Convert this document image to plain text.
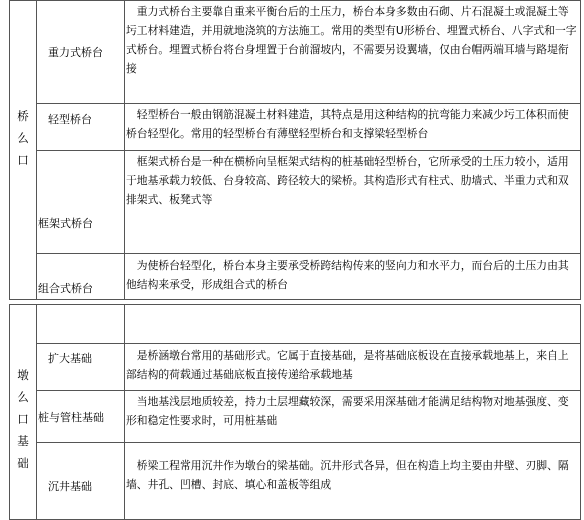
桥
么
口
重力式桥台
　重力式桥台主要靠自重来平衡台后的土压力，桥台本身多数由石砌、片石混凝土或混凝土等圬工材料建造，并用就地浇筑的方法施工。常用的类型有U形桥台、埋置式桥台、八字式和一字式桥台。埋置式桥台将台身埋置于台前溜坡内，不需要另设翼墙，仅由台帽两端耳墙与路堤衔接
轻型桥台	　轻型桥台一般由钢筋混凝土材料建造，其特点是用这种结构的抗弯能力来减少圬工体积而使桥台轻型化。常用的轻型桥台有薄壁轻型桥台和支撑梁轻型桥台
框架式桥台
　框架式桥台是一种在横桥向呈框架式结构的桩基础轻型桥台，它所承受的土压力较小，适用于地基承载力较低、台身较高、跨径较大的梁桥。其构造形式有柱式、肋墙式、半重力式和双排架式、板凳式等
组合式桥台
　为使桥台轻型化，桥台本身主要承受桥跨结构传来的竖向力和水平力，而台后的土压力由其他结构来承受，形成组合式的桥台
墩
么
口
基
础
扩大基础	　是桥涵墩台常用的基础形式。它属于直接基础，是将基础底板设在直接承载地基上，来自上部结构的荷载通过基础底板直接传递给承载地基
桩与管柱基础
　当地基浅层地质较差，持力土层埋藏较深，需要采用深基础才能满足结构物对地基强度、变形和稳定性要求时，可用桩基础
沉井基础
　桥梁工程常用沉井作为墩台的梁基础。沉井形式各异，但在构造上均主要由井壁、刃脚、隔墙、井孔、凹槽、封底、填心和盖板等组成
